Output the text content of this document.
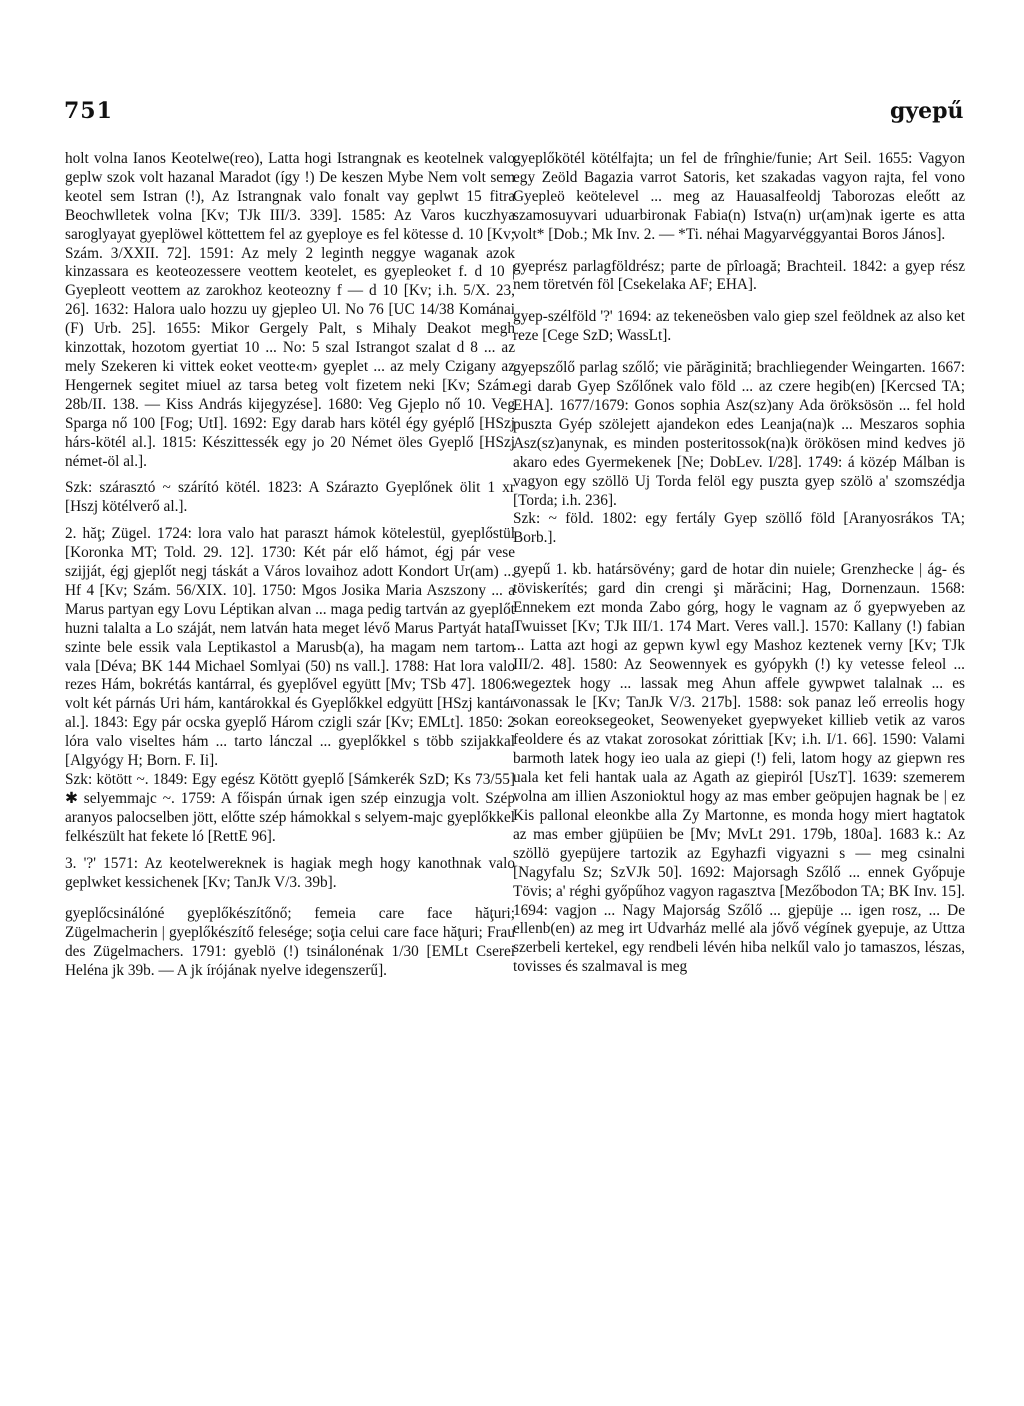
751	gyepű

holt volna Ianos Keotelwe(reo), Latta hogi Istrangnak es keotelnek valo geplw szok volt hazanal Maradot (így !) De keszen Mybe Nem volt sem keotel sem Istran (!), Az Istrangnak valo fonalt vay geplwt 15 fitra Beochwlletek volna [Kv; TJk III/3. 339]. 1585: Az Varos kuczhya saroglyayat gyeplöwel köttettem fel az gyeploye es fel kötesse d. 10 [Kv; Szám. 3/XXII. 72]. 1591: Az mely 2 leginth neggye waganak azok kinzassara es keoteozessere veottem keotelet, es gyepleoket f. d 10 | Gyepleott veottem az zarokhoz keoteozny f — d 10 [Kv; i.h. 5/X. 23, 26]. 1632: Halora ualo hozzu uy gjepleo Ul. No 76 [UC 14/38 Kománai (F) Urb. 25]. 1655: Mikor Gergely Palt, s Mihaly Deakot megh kinzottak, hozotom gyertiat 10 ... No: 5 szal Istrangot szalat d 8 ... az mely Szekeren ki vittek eoket veotte‹m› gyeplet ... az mely Czigany az Hengernek segitet miuel az tarsa beteg volt fizetem neki [Kv; Szám. 28b/II. 138. — Kiss András kijegyzése]. 1680: Veg Gjeplo nő 10. Veg Sparga nő 100 [Fog; UtI]. 1692: Egy darab hars kötél égy gyéplő [HSzj hárs-kötél al.]. 1815: Készittessék egy jo 20 Német öles Gyeplő [HSzj német-öl al.].

Szk: szárasztó ~ szárító kötél. 1823: A Szárazto Gyeplőnek ölit 1 xr [Hszj kötélverő al.].

2. hăţ; Zügel. 1724: lora valo hat paraszt hámok kötelestül, gyeplőstül [Koronka MT; Told. 29. 12]. 1730: Két pár elő hámot, égj pár vese szijját, égj gjeplőt negj táskát a Város lovaihoz adott Kondort Ur(am) ... Hf 4 [Kv; Szám. 56/XIX. 10]. 1750: Mgos Josika Maria Aszszony ... a Marus partyan egy Lovu Léptikan alvan ... maga pedig tartván az gyeplőt huzni talalta a Lo száját, nem latván hata meget lévő Marus Partyát hatal szinte bele essik vala Leptikastol a Marusb(a), ha magam nem tartom vala [Déva; BK 144 Michael Somlyai (50) ns vall.]. 1788: Hat lora valo rezes Hám, bokrétás kantárral, és gyeplővel együtt [Mv; TSb 47]. 1806: volt két párnás Uri hám, kantárokkal és Gyeplőkkel edgyütt [HSzj kantár al.]. 1843: Egy pár ocska gyeplő Három czigli szár [Kv; EMLt]. 1850: 2 lóra valo viseltes hám ... tarto lánczal ... gyeplőkkel s több szijakkal [Algyógy H; Born. F. Ii].

Szk: kötött ~. 1849: Egy egész Kötött gyeplő [Sámkerék SzD; Ks 73/55] ✱ selyemmajc ~. 1759: A főispán úrnak igen szép einzugja volt. Szép aranyos palocselben jött, előtte szép hámokkal s selyem-majc gyeplőkkel felkészült hat fekete ló [RettE 96].

3. '?' 1571: Az keotelwereknek is hagiak megh hogy kanothnak valo geplwket kessichenek [Kv; TanJk V/3. 39b].

gyeplőcsinálóné gyeplőkészítőnő; femeia care face hăţuri; Zügelmacherin | gyeplőkészítő felesége; soţia celui care face hăţuri; Frau des Zügelmachers. 1791: gyeblö (!) tsinálonénak 1/30 [EMLt Cserei Heléna jk 39b. — A jk írójának nyelve idegenszerű].

gyeplőkötél kötélfajta; un fel de frînghie/funie; Art Seil. 1655: Vagyon egy Zeöld Bagazia varrot Satoris, ket szakadas vagyon rajta, fel vono Gyepleö keötelevel ... meg az Hauasalfeoldj Taborozas eleőtt az szamosuyvari uduarbironak Fabia(n) Istva(n) ur(am)nak igerte es atta volt* [Dob.; Mk Inv. 2. — *Ti. néhai Magyarvéggyantai Boros János].

gyeprész parlagföldrész; parte de pîrloagă; Brachteil. 1842: a gyep rész nem töretvén föl [Csekelaka AF; EHA].

gyep-szélföld '?' 1694: az tekeneösben valo giep szel feöldnek az also ket reze [Cege SzD; WassLt].

gyepszőlő parlag szőlő; vie părăginită; brachliegender Weingarten. 1667: egi darab Gyep Szőlőnek valo föld ... az czere hegib(en) [Kercsed TA; EHA]. 1677/1679: Gonos sophia Asz(sz)any Ada öröksösön ... fel hold puszta Gyép szölejett ajandekon edes Leanja(na)k ... Meszaros sophia Asz(sz)anynak, es minden posteritossok(na)k örökösen mind kedves jö akaro edes Gyermekenek [Ne; DobLev. I/28]. 1749: á közép Málban is vagyon egy szöllö Uj Torda felöl egy puszta gyep szölö a' szomszédja [Torda; i.h. 236].

Szk: ~ föld. 1802: egy fertály Gyep szöllő föld [Aranyosrákos TA; Borb.].

gyepű 1. kb. határsövény; gard de hotar din nuiele; Grenzhecke | ág- és töviskerítés; gard din crengi şi mărăcini; Hag, Dornenzaun. 1568: Ennekem ezt monda Zabo górg, hogy le vagnam az ő gyepwyeben az Twuisset [Kv; TJk III/1. 174 Mart. Veres vall.]. 1570: Kallany (!) fabian ... Latta azt hogi az gepwn kywl egy Mashoz keztenek verny [Kv; TJk III/2. 48]. 1580: Az Seowennyek es gyópykh (!) ky vetesse feleol ... wegeztek hogy ... lassak meg Ahun affele gywpwet talalnak ... es vonassak le [Kv; TanJk V/3. 217b]. 1588: sok panaz leő erreolis hogy sokan eoreoksegeoket, Seowenyeket gyepwyeket killieb vetik az varos feoldere és az vtakat zorosokat zórittiak [Kv; i.h. I/1. 66]. 1590: Valami barmoth latek hogy ieo uala az giepi (!) feli, latom hogy az giepwn res uala ket feli hantak uala az Agath az giepiról [UszT]. 1639: szemerem volna am illien Aszonioktul hogy az mas ember geöpujen hagnak be | ez Kis pallonal eleonkbe alla Zy Martonne, es monda hogy miert hagtatok az mas ember gjüpüien be [Mv; MvLt 291. 179b, 180a]. 1683 k.: Az szöllö gyepüjere tartozik az Egyhazfi vigyazni s — meg csinalni [Nagyfalu Sz; SzVJk 50]. 1692: Majorsagh Szőlő ... ennek Győpuje Tövis; a' réghi győpűhoz vagyon ragasztva [Mezőbodon TA; BK Inv. 15]. 1694: vagjon ... Nagy Majorság Szőlő ... gjepüje ... igen rosz, ... De ellenb(en) az meg irt Udvarház mellé ala jővő végínek gyepuje, az Uttza szerbeli kertekel, egy rendbeli lévén hiba nelkűl valo jo tamaszos, lészas, tovisses és szalmaval is meg
